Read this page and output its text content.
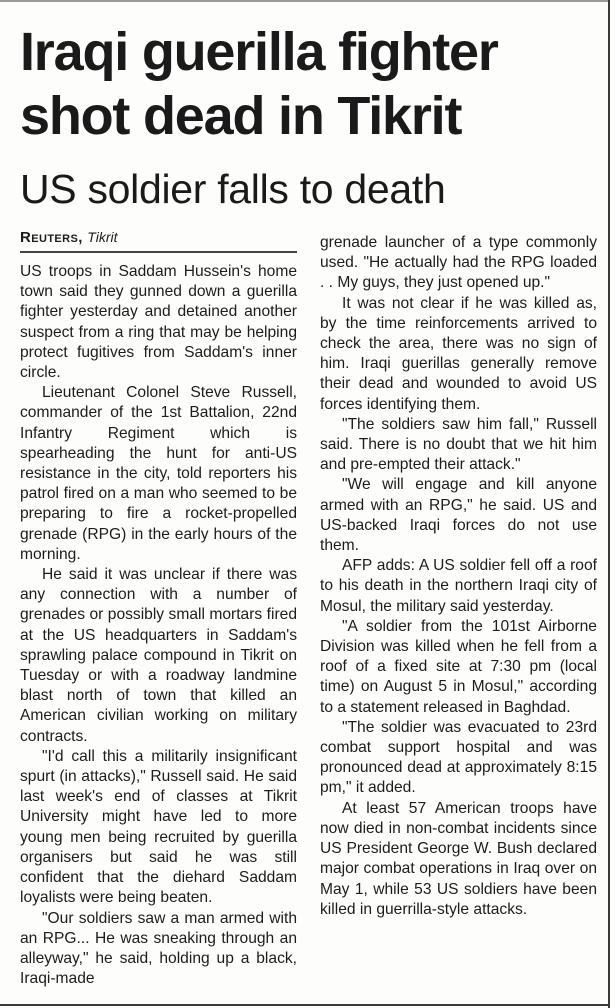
Iraqi guerilla fighter shot dead in Tikrit
US soldier falls to death
Reuters, Tikrit

US troops in Saddam Hussein's home town said they gunned down a guerilla fighter yesterday and detained another suspect from a ring that may be helping protect fugitives from Saddam's inner circle.

Lieutenant Colonel Steve Russell, commander of the 1st Battalion, 22nd Infantry Regiment which is spearheading the hunt for anti-US resistance in the city, told reporters his patrol fired on a man who seemed to be preparing to fire a rocket-propelled grenade (RPG) in the early hours of the morning.

He said it was unclear if there was any connection with a number of grenades or possibly small mortars fired at the US headquarters in Saddam's sprawling palace compound in Tikrit on Tuesday or with a roadway landmine blast north of town that killed an American civilian working on military contracts.

"I'd call this a militarily insignificant spurt (in attacks)," Russell said. He said last week's end of classes at Tikrit University might have led to more young men being recruited by guerilla organisers but said he was still confident that the diehard Saddam loyalists were being beaten.

"Our soldiers saw a man armed with an RPG... He was sneaking through an alleyway," he said, holding up a black, Iraqi-made

grenade launcher of a type commonly used. "He actually had the RPG loaded . . My guys, they just opened up."

It was not clear if he was killed as, by the time reinforcements arrived to check the area, there was no sign of him. Iraqi guerillas generally remove their dead and wounded to avoid US forces identifying them.

"The soldiers saw him fall," Russell said. There is no doubt that we hit him and pre-empted their attack."

"We will engage and kill anyone armed with an RPG," he said. US and US-backed Iraqi forces do not use them.

AFP adds: A US soldier fell off a roof to his death in the northern Iraqi city of Mosul, the military said yesterday.

"A soldier from the 101st Airborne Division was killed when he fell from a roof of a fixed site at 7:30 pm (local time) on August 5 in Mosul," according to a statement released in Baghdad.

"The soldier was evacuated to 23rd combat support hospital and was pronounced dead at approximately 8:15 pm," it added.

At least 57 American troops have now died in non-combat incidents since US President George W. Bush declared major combat operations in Iraq over on May 1, while 53 US soldiers have been killed in guerrilla-style attacks.
